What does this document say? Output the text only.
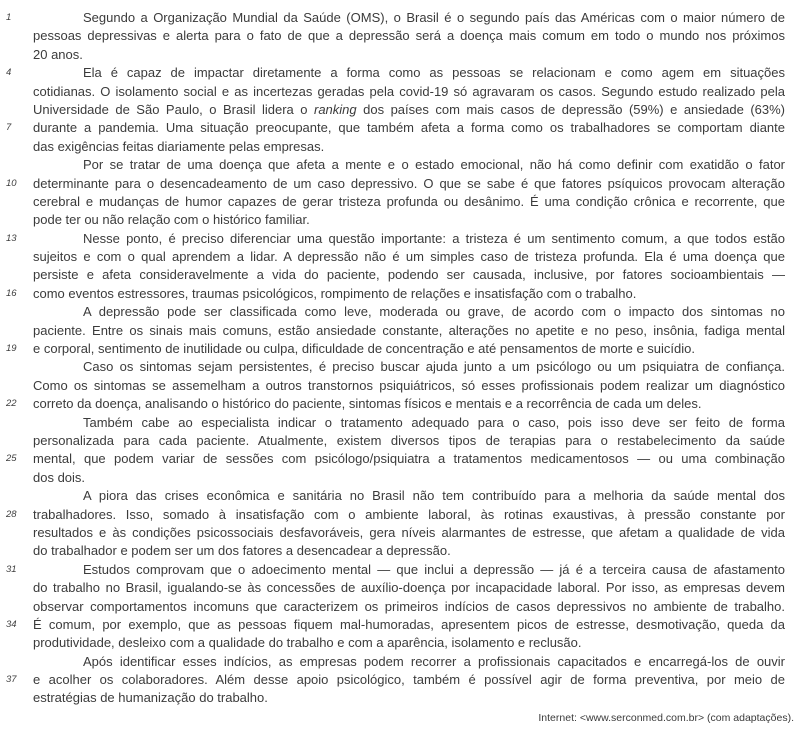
1	Segundo a Organização Mundial da Saúde (OMS), o Brasil é o segundo país das Américas com o maior número de
pessoas depressivas e alerta para o fato de que a depressão será a doença mais comum em todo o mundo nos próximos
20 anos.
4	Ela é capaz de impactar diretamente a forma como as pessoas se relacionam e como agem em situações
cotidianas. O isolamento social e as incertezas geradas pela covid-19 só agravaram os casos. Segundo estudo realizado pela
Universidade de São Paulo, o Brasil lidera o ranking dos países com mais casos de depressão (59%) e ansiedade (63%)
7	durante a pandemia. Uma situação preocupante, que também afeta a forma como os trabalhadores se comportam diante
das exigências feitas diariamente pelas empresas.
Por se tratar de uma doença que afeta a mente e o estado emocional, não há como definir com exatidão o fator
10	determinante para o desencadeamento de um caso depressivo. O que se sabe é que fatores psíquicos provocam alteração
cerebral e mudanças de humor capazes de gerar tristeza profunda ou desânimo. É uma condição crônica e recorrente, que
pode ter ou não relação com o histórico familiar.
13	Nesse ponto, é preciso diferenciar uma questão importante: a tristeza é um sentimento comum, a que todos estão
sujeitos e com o qual aprendem a lidar. A depressão não é um simples caso de tristeza profunda. Ela é uma doença que
persiste e afeta consideravelmente a vida do paciente, podendo ser causada, inclusive, por fatores socioambientais —
16	como eventos estressores, traumas psicológicos, rompimento de relações e insatisfação com o trabalho.
A depressão pode ser classificada como leve, moderada ou grave, de acordo com o impacto dos sintomas no
paciente. Entre os sinais mais comuns, estão ansiedade constante, alterações no apetite e no peso, insônia, fadiga mental
19	e corporal, sentimento de inutilidade ou culpa, dificuldade de concentração e até pensamentos de morte e suicídio.
Caso os sintomas sejam persistentes, é preciso buscar ajuda junto a um psicólogo ou um psiquiatra de confiança.
Como os sintomas se assemelham a outros transtornos psiquiátricos, só esses profissionais podem realizar um diagnóstico
22	correto da doença, analisando o histórico do paciente, sintomas físicos e mentais e a recorrência de cada um deles.
Também cabe ao especialista indicar o tratamento adequado para o caso, pois isso deve ser feito de forma
personalizada para cada paciente. Atualmente, existem diversos tipos de terapias para o restabelecimento da saúde
25	mental, que podem variar de sessões com psicólogo/psiquiatra a tratamentos medicamentosos — ou uma combinação
dos dois.
A piora das crises econômica e sanitária no Brasil não tem contribuído para a melhoria da saúde mental dos
28	trabalhadores. Isso, somado à insatisfação com o ambiente laboral, às rotinas exaustivas, à pressão constante por
resultados e às condições psicossociais desfavoráveis, gera níveis alarmantes de estresse, que afetam a qualidade de vida
do trabalhador e podem ser um dos fatores a desencadear a depressão.
31	Estudos comprovam que o adoecimento mental — que inclui a depressão — já é a terceira causa de afastamento
do trabalho no Brasil, igualando-se às concessões de auxílio-doença por incapacidade laboral. Por isso, as empresas devem
observar comportamentos incomuns que caracterizem os primeiros indícios de casos depressivos no ambiente de trabalho.
34	É comum, por exemplo, que as pessoas fiquem mal-humoradas, apresentem picos de estresse, desmotivação, queda da
produtividade, desleixo com a qualidade do trabalho e com a aparência, isolamento e reclusão.
Após identificar esses indícios, as empresas podem recorrer a profissionais capacitados e encarregá-los de ouvir
37	e acolher os colaboradores. Além desse apoio psicológico, também é possível agir de forma preventiva, por meio de
estratégias de humanização do trabalho.
Internet: <www.serconmed.com.br> (com adaptações).
